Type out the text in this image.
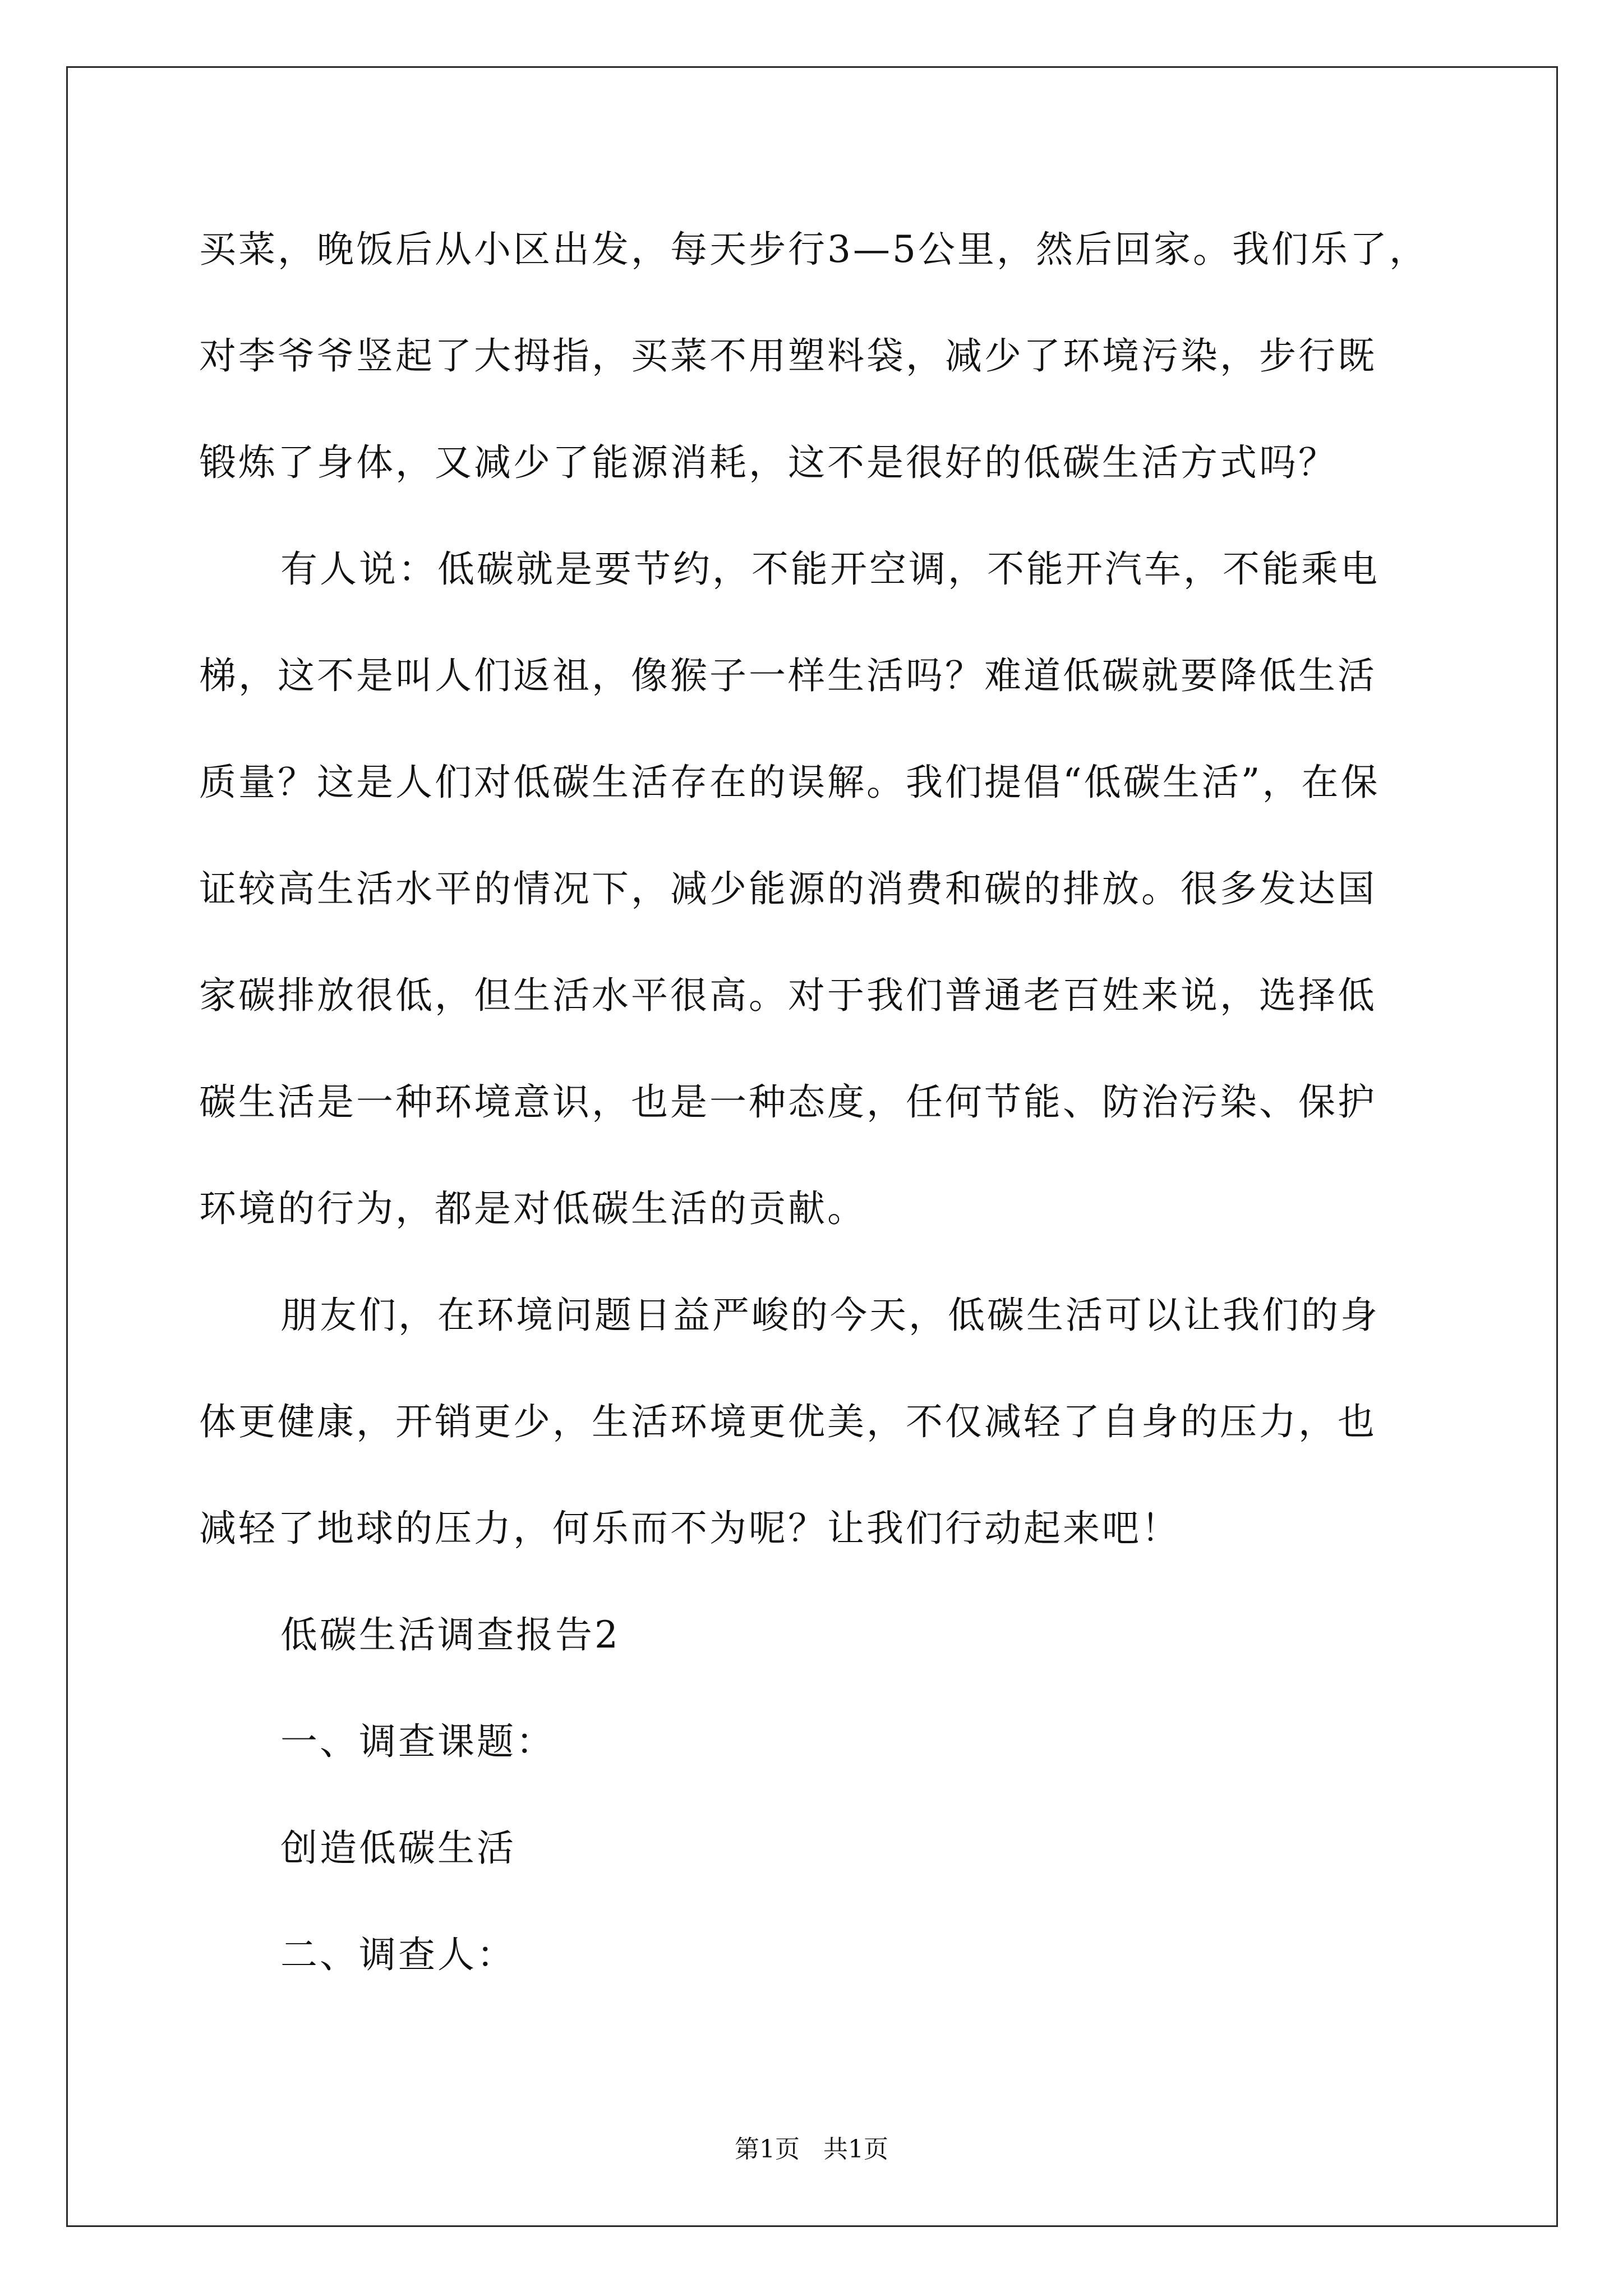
买菜，晚饭后从小区出发，每天步行3—5公里，然后回家。我们乐了，
对李爷爷竖起了大拇指，买菜不用塑料袋，减少了环境污染，步行既
锻炼了身体，又减少了能源消耗，这不是很好的低碳生活方式吗？
有人说：低碳就是要节约，不能开空调，不能开汽车，不能乘电
梯，这不是叫人们返祖，像猴子一样生活吗？难道低碳就要降低生活
质量？这是人们对低碳生活存在的误解。我们提倡“低碳生活”，在保
证较高生活水平的情况下，减少能源的消费和碳的排放。很多发达国
家碳排放很低，但生活水平很高。对于我们普通老百姓来说，选择低
碳生活是一种环境意识，也是一种态度，任何节能、防治污染、保护
环境的行为，都是对低碳生活的贡献。
朋友们，在环境问题日益严峻的今天，低碳生活可以让我们的身
体更健康，开销更少，生活环境更优美，不仅减轻了自身的压力，也
减轻了地球的压力，何乐而不为呢？让我们行动起来吧！
低碳生活调查报告2
一、调查课题：
创造低碳生活
二、调查人：
第1页   共1页
